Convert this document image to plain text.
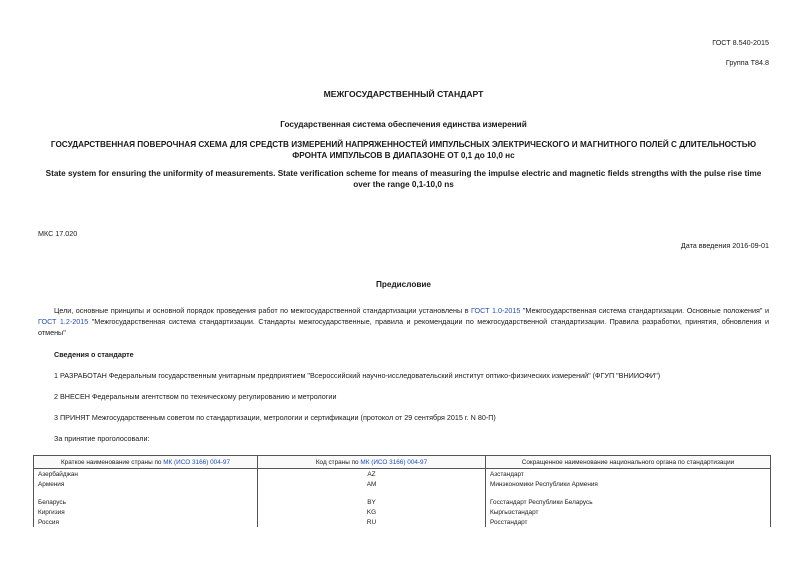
ГОСТ 8.540-2015
Группа Т84.8
МЕЖГОСУДАРСТВЕННЫЙ СТАНДАРТ
Государственная система обеспечения единства измерений
ГОСУДАРСТВЕННАЯ ПОВЕРОЧНАЯ СХЕМА ДЛЯ СРЕДСТВ ИЗМЕРЕНИЙ НАПРЯЖЕННОСТЕЙ ИМПУЛЬСНЫХ ЭЛЕКТРИЧЕСКОГО И МАГНИТНОГО ПОЛЕЙ С ДЛИТЕЛЬНОСТЬЮ ФРОНТА ИМПУЛЬСОВ В ДИАПАЗОНЕ ОТ 0,1 до 10,0 нс
State system for ensuring the uniformity of measurements. State verification scheme for means of measuring the impulse electric and magnetic fields strengths with the pulse rise time over the range 0,1-10,0 ns
МКС 17.020
Дата введения 2016-09-01
Предисловие
Цели, основные принципы и основной порядок проведения работ по межгосударственной стандартизации установлены в ГОСТ 1.0-2015 "Межгосударственная система стандартизации. Основные положения" и ГОСТ 1.2-2015 "Межгосударственная система стандартизации. Стандарты межгосударственные, правила и рекомендации по межгосударственной стандартизации. Правила разработки, принятия, обновления и отмены"
Сведения о стандарте
1 РАЗРАБОТАН Федеральным государственным унитарным предприятием "Всероссийский научно-исследовательский институт оптико-физических измерений" (ФГУП "ВНИИОФИ")
2 ВНЕСЕН Федеральным агентством по техническому регулированию и метрологии
3 ПРИНЯТ Межгосударственным советом по стандартизации, метрологии и сертификации (протокол от 29 сентября 2015 г. N 80-П)
За принятие проголосовали:
Краткое наименование страны по МК (ИСО 3166) 004-97	Код страны по МК (ИСО 3166) 004-97	Сокращенное наименование национального органа по стандартизации
Азербайджан	AZ	Азстандарт
Армения	AM	Минэкономики Республики Армения

Беларусь	BY	Госстандарт Республики Беларусь
Киргизия	KG	Кыргызстандарт
Россия	RU	Росстандарт
